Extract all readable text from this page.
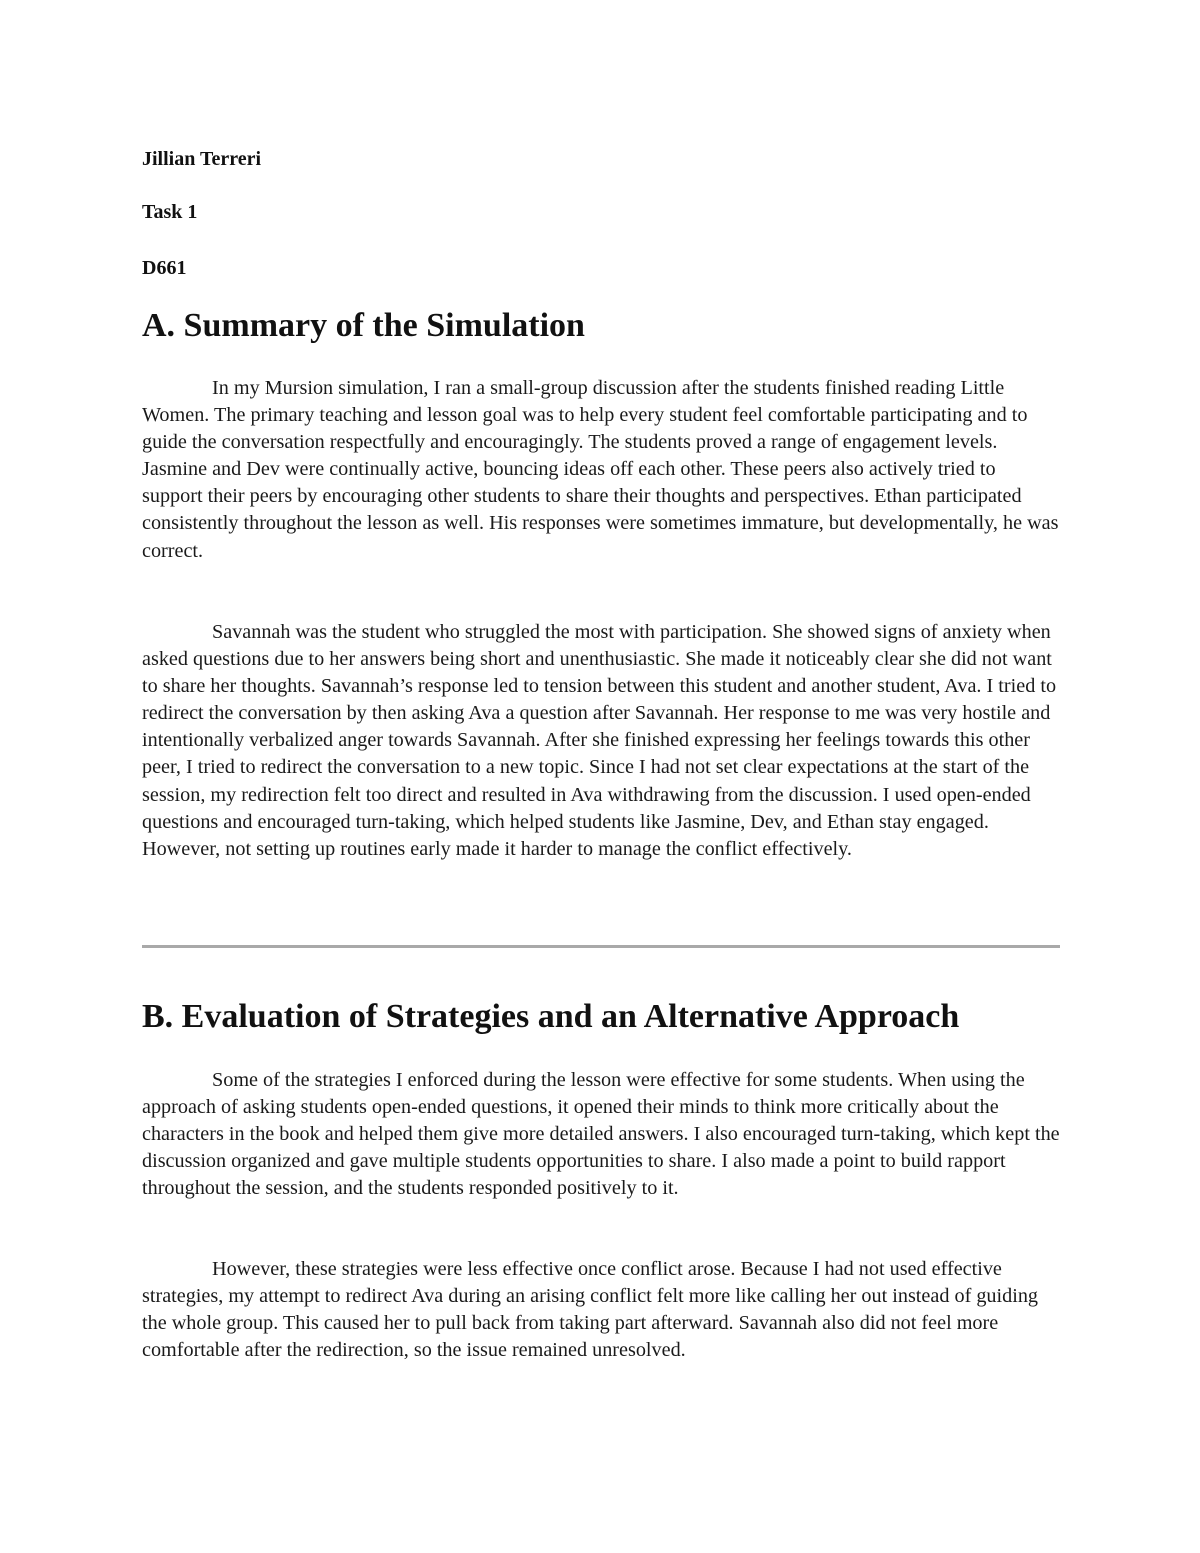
Jillian Terreri

Task 1

D661

A. Summary of the Simulation

In my Mursion simulation, I ran a small-group discussion after the students finished reading Little Women. The primary teaching and lesson goal was to help every student feel comfortable participating and to guide the conversation respectfully and encouragingly. The students proved a range of engagement levels. Jasmine and Dev were continually active, bouncing ideas off each other. These peers also actively tried to support their peers by encouraging other students to share their thoughts and perspectives. Ethan participated consistently throughout the lesson as well. His responses were sometimes immature, but developmentally, he was correct.

Savannah was the student who struggled the most with participation. She showed signs of anxiety when asked questions due to her answers being short and unenthusiastic. She made it noticeably clear she did not want to share her thoughts. Savannah’s response led to tension between this student and another student, Ava. I tried to redirect the conversation by then asking Ava a question after Savannah. Her response to me was very hostile and intentionally verbalized anger towards Savannah. After she finished expressing her feelings towards this other peer, I tried to redirect the conversation to a new topic. Since I had not set clear expectations at the start of the session, my redirection felt too direct and resulted in Ava withdrawing from the discussion. I used open-ended questions and encouraged turn-taking, which helped students like Jasmine, Dev, and Ethan stay engaged. However, not setting up routines early made it harder to manage the conflict effectively.

B. Evaluation of Strategies and an Alternative Approach

Some of the strategies I enforced during the lesson were effective for some students. When using the approach of asking students open-ended questions, it opened their minds to think more critically about the characters in the book and helped them give more detailed answers. I also encouraged turn-taking, which kept the discussion organized and gave multiple students opportunities to share. I also made a point to build rapport throughout the session, and the students responded positively to it.

However, these strategies were less effective once conflict arose. Because I had not used effective strategies, my attempt to redirect Ava during an arising conflict felt more like calling her out instead of guiding the whole group. This caused her to pull back from taking part afterward. Savannah also did not feel more comfortable after the redirection, so the issue remained unresolved.
